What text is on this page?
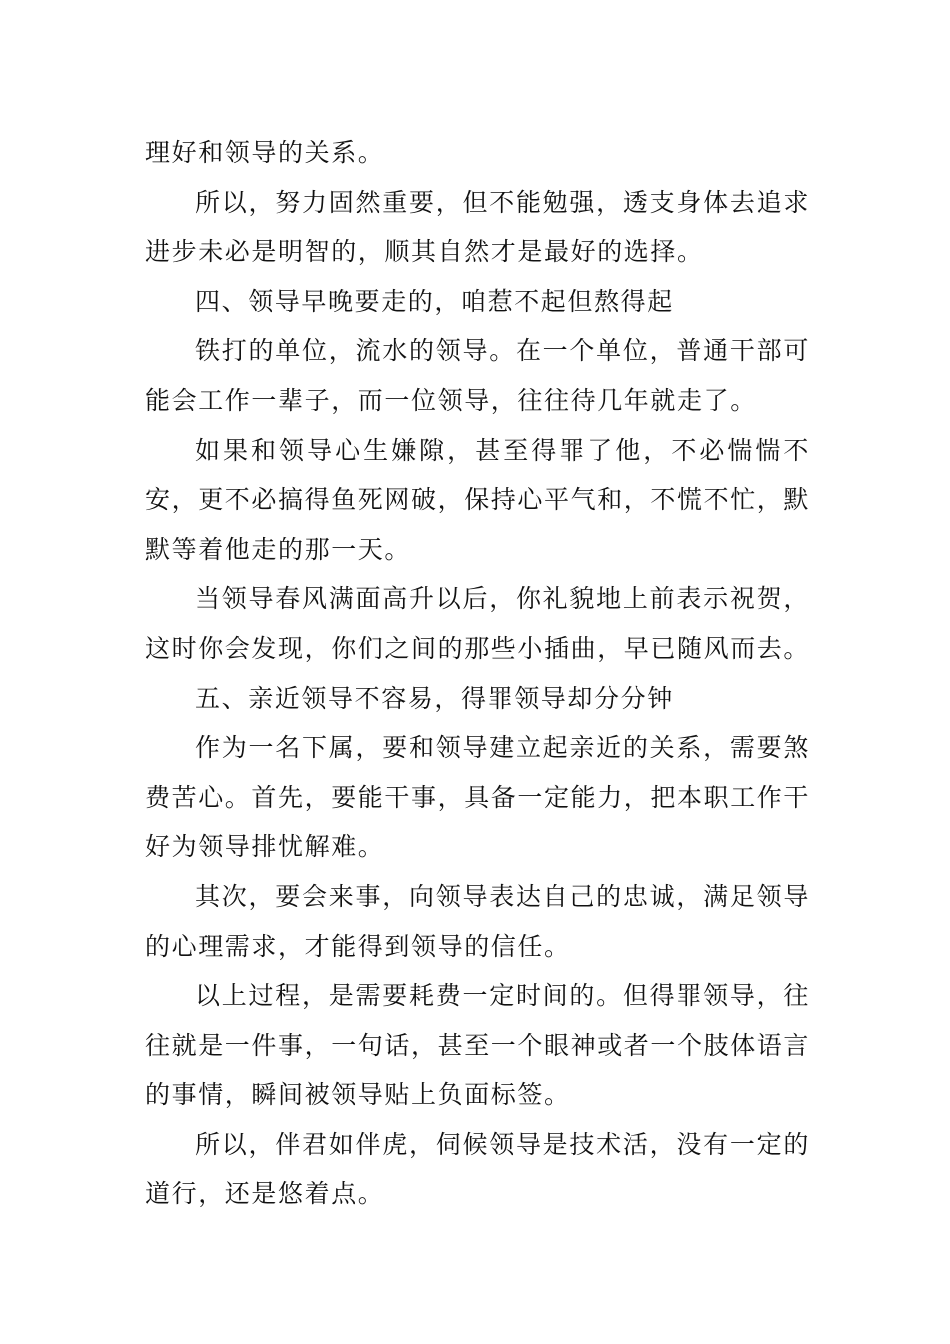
理好和领导的关系。

所以，努力固然重要，但不能勉强，透支身体去追求进步未必是明智的，顺其自然才是最好的选择。

四、领导早晚要走的，咱惹不起但熬得起

铁打的单位，流水的领导。在一个单位，普通干部可能会工作一辈子，而一位领导，往往待几年就走了。

如果和领导心生嫌隙，甚至得罪了他，不必惴惴不安，更不必搞得鱼死网破，保持心平气和，不慌不忙，默默等着他走的那一天。

当领导春风满面高升以后，你礼貌地上前表示祝贺，这时你会发现，你们之间的那些小插曲，早已随风而去。

五、亲近领导不容易，得罪领导却分分钟

作为一名下属，要和领导建立起亲近的关系，需要煞费苦心。首先，要能干事，具备一定能力，把本职工作干好为领导排忧解难。

其次，要会来事，向领导表达自己的忠诚，满足领导的心理需求，才能得到领导的信任。

以上过程，是需要耗费一定时间的。但得罪领导，往往就是一件事，一句话，甚至一个眼神或者一个肢体语言的事情，瞬间被领导贴上负面标签。

所以，伴君如伴虎，伺候领导是技术活，没有一定的道行，还是悠着点。
